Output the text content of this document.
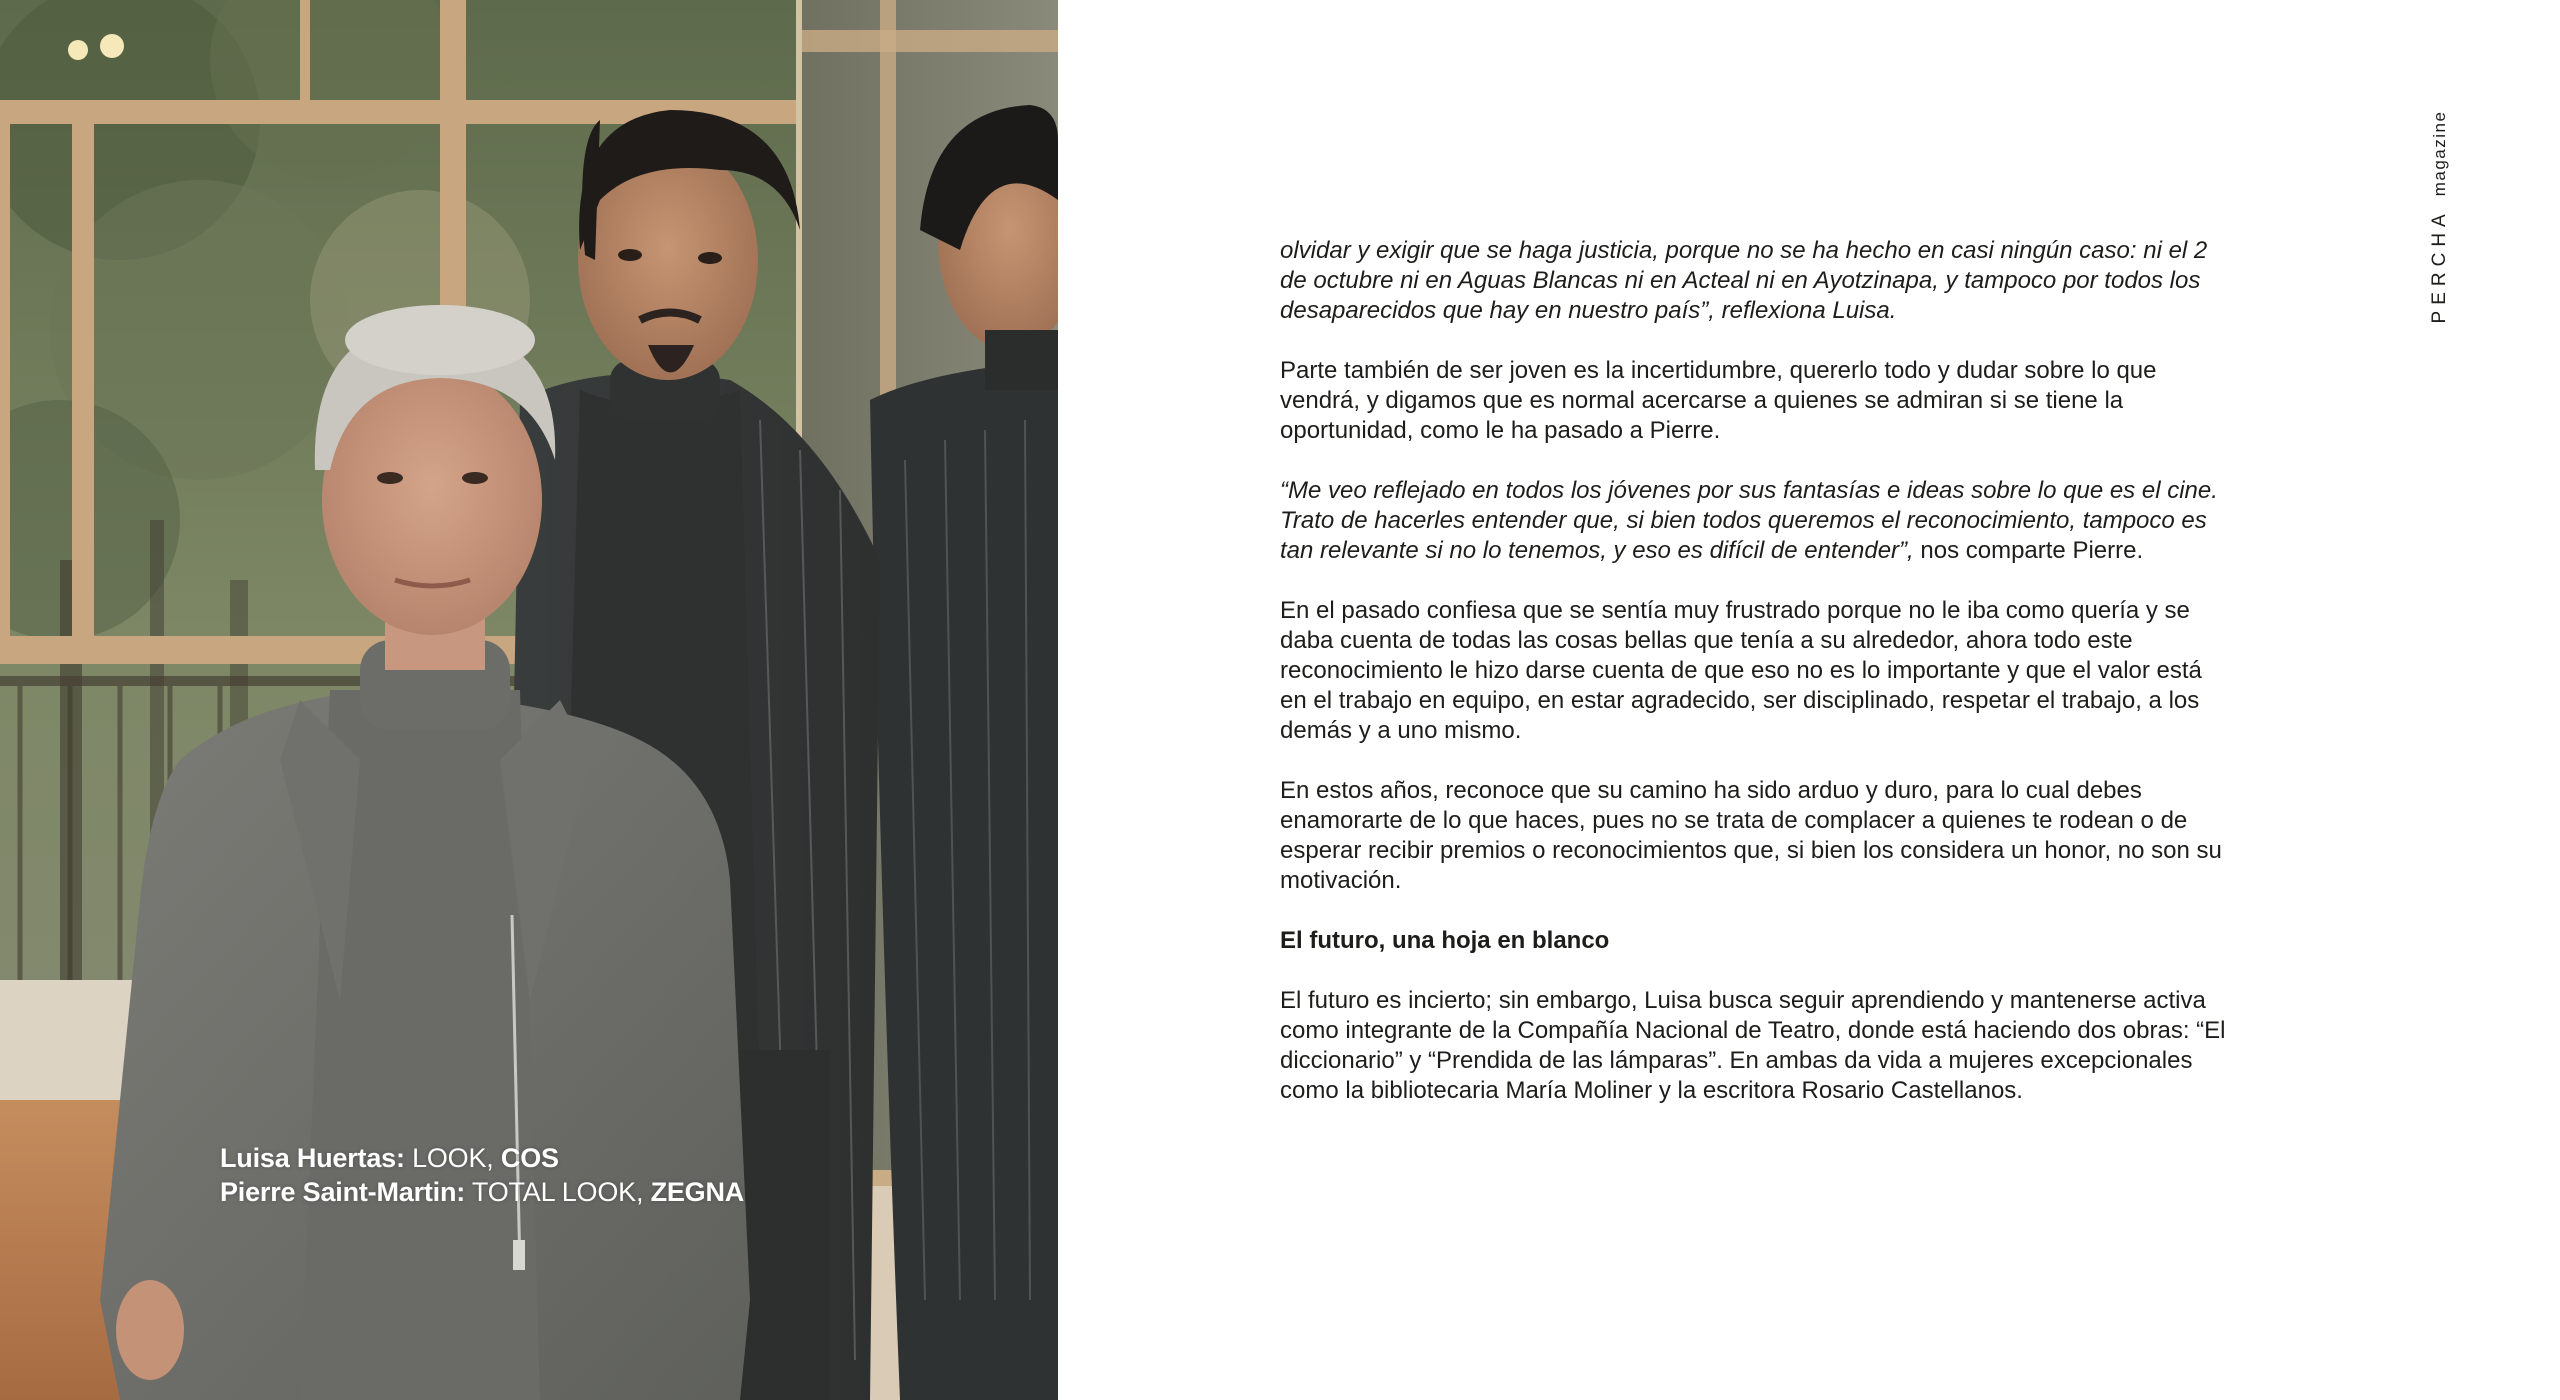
Luisa Huertas: LOOK, COS
Pierre Saint-Martin: TOTAL LOOK, ZEGNA

olvidar y exigir que se haga justicia, porque no se ha hecho en casi ningún caso: ni el 2 de octubre ni en Aguas Blancas ni en Acteal ni en Ayotzinapa, y tampoco por todos los desaparecidos que hay en nuestro país”, reflexiona Luisa.

Parte también de ser joven es la incertidumbre, quererlo todo y dudar sobre lo que vendrá, y digamos que es normal acercarse a quienes se admiran si se tiene la oportunidad, como le ha pasado a Pierre.

“Me veo reflejado en todos los jóvenes por sus fantasías e ideas sobre lo que es el cine. Trato de hacerles entender que, si bien todos queremos el reconocimiento, tampoco es tan relevante si no lo tenemos, y eso es difícil de entender”, nos comparte Pierre.

En el pasado confiesa que se sentía muy frustrado porque no le iba como quería y se daba cuenta de todas las cosas bellas que tenía a su alrededor, ahora todo este reconocimiento le hizo darse cuenta de que eso no es lo importante y que el valor está en el trabajo en equipo, en estar agradecido, ser disciplinado, respetar el trabajo, a los demás y a uno mismo.

En estos años, reconoce que su camino ha sido arduo y duro, para lo cual debes enamorarte de lo que haces, pues no se trata de complacer a quienes te rodean o de esperar recibir premios o reconocimientos que, si bien los considera un honor, no son su motivación.

El futuro, una hoja en blanco

El futuro es incierto; sin embargo, Luisa busca seguir aprendiendo y mantenerse activa como integrante de la Compañía Nacional de Teatro, donde está haciendo dos obras: “El diccionario” y “Prendida de las lámparas”. En ambas da vida a mujeres excepcionales como la bibliotecaria María Moliner y la escritora Rosario Castellanos.

PERCHAmagazine
